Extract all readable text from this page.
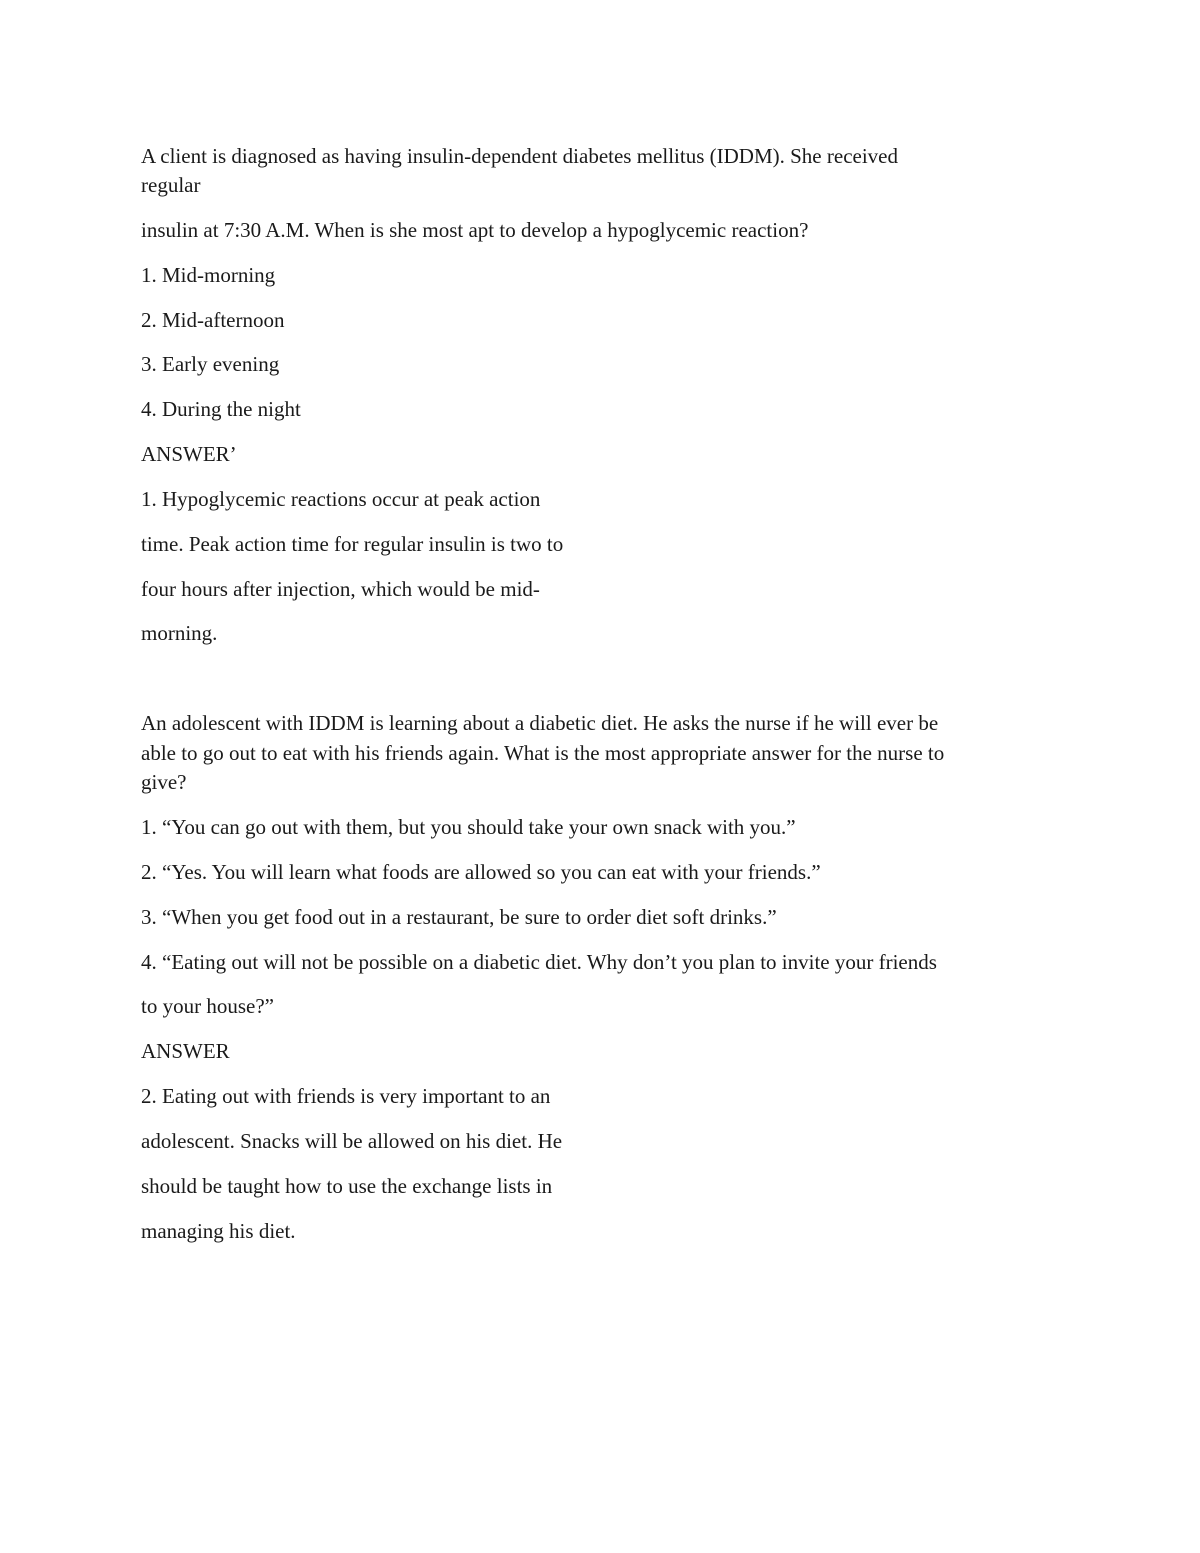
A client is diagnosed as having insulin-dependent diabetes mellitus (IDDM). She received

regular

insulin at 7:30 A.M. When is she most apt to develop a hypoglycemic reaction?

1. Mid-morning

2. Mid-afternoon

3. Early evening

4. During the night

ANSWER’

1. Hypoglycemic reactions occur at peak action

time. Peak action time for regular insulin is two to

four hours after injection, which would be mid-

morning.

An adolescent with IDDM is learning about a diabetic diet. He asks the nurse if he will ever be

able to go out to eat with his friends again. What is the most appropriate answer for the nurse to

give?

1. “You can go out with them, but you should take your own snack with you.”

2. “Yes. You will learn what foods are allowed so you can eat with your friends.”

3. “When you get food out in a restaurant, be sure to order diet soft drinks.”

4. “Eating out will not be possible on a diabetic diet. Why don’t you plan to invite your friends

to your house?”

ANSWER

2. Eating out with friends is very important to an

adolescent. Snacks will be allowed on his diet. He

should be taught how to use the exchange lists in

managing his diet.
